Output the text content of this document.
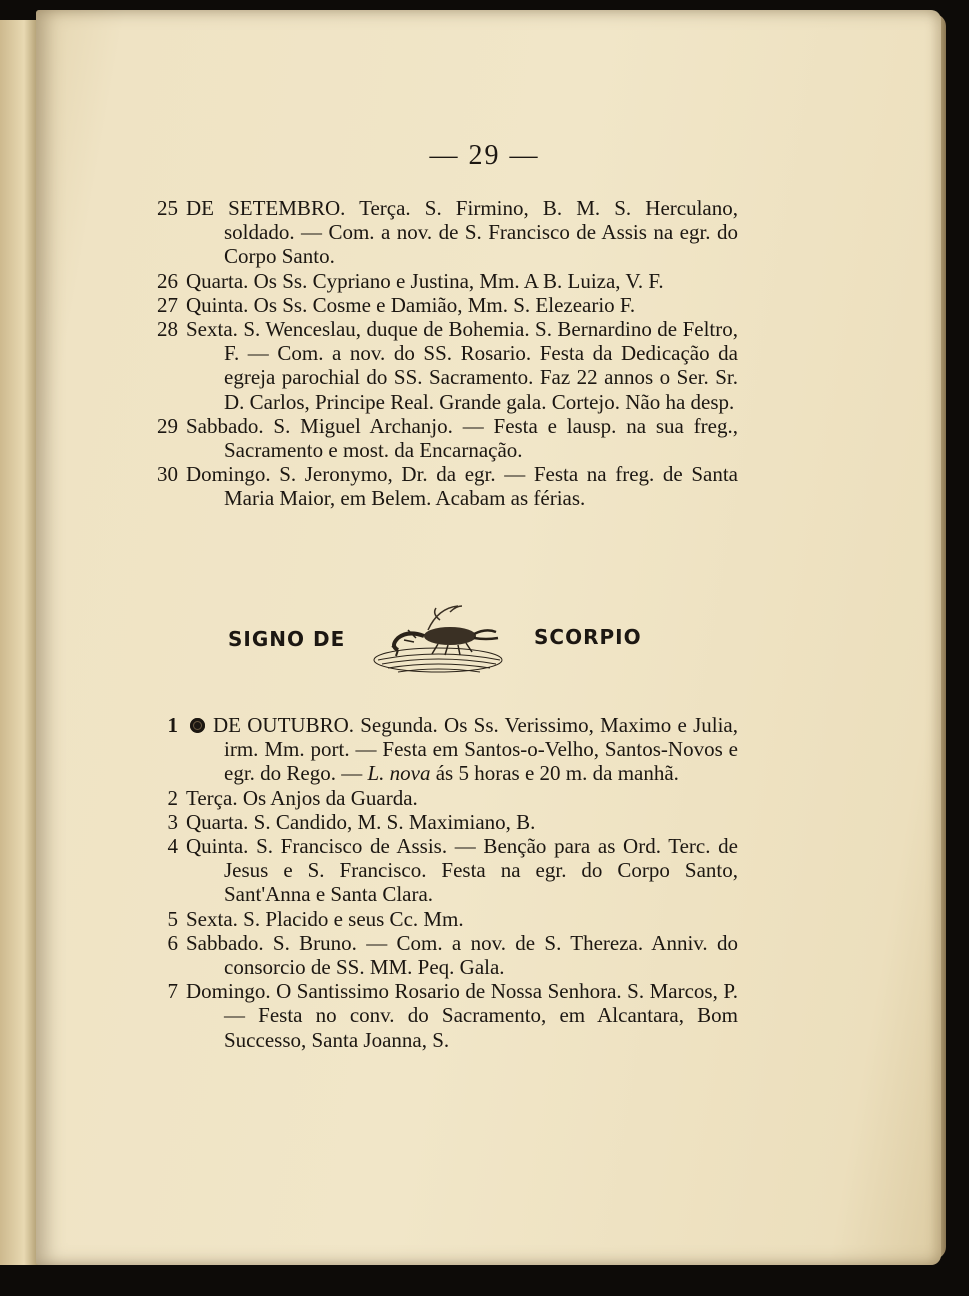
— 29 —
25 DE SETEMBRO. Terça. S. Firmino, B. M. S. Herculano, soldado. — Com. a nov. de S. Francisco de Assis na egr. do Corpo Santo.
26 Quarta. Os Ss. Cypriano e Justina, Mm. A B. Luiza, V. F.
27 Quinta. Os Ss. Cosme e Damião, Mm. S. Elezeario F.
28 Sexta. S. Wenceslau, duque de Bohemia. S. Bernardino de Feltro, F. — Com. a nov. do SS. Rosario. Festa da Dedicação da egreja parochial do SS. Sacramento. Faz 22 annos o Ser. Sr. D. Carlos, Principe Real. Grande gala. Cortejo. Não ha desp.
29 Sabbado. S. Miguel Archanjo. — Festa e lausp. na sua freg., Sacramento e most. da Encarnação.
30 Domingo. S. Jeronymo, Dr. da egr. — Festa na freg. de Santa Maria Maior, em Belem. Acabam as férias.
SIGNO DE	SCORPIO
1 DE OUTUBRO. Segunda. Os Ss. Verissimo, Maximo e Julia, irm. Mm. port. — Festa em Santos-o-Velho, Santos-Novos e egr. do Rego. — L. nova ás 5 horas e 20 m. da manhã.
2 Terça. Os Anjos da Guarda.
3 Quarta. S. Candido, M. S. Maximiano, B.
4 Quinta. S. Francisco de Assis. — Benção para as Ord. Terc. de Jesus e S. Francisco. Festa na egr. do Corpo Santo, Sant'Anna e Santa Clara.
5 Sexta. S. Placido e seus Cc. Mm.
6 Sabbado. S. Bruno. — Com. a nov. de S. Thereza. Anniv. do consorcio de SS. MM. Peq. Gala.
7 Domingo. O Santissimo Rosario de Nossa Senhora. S. Marcos, P. — Festa no conv. do Sacramento, em Alcantara, Bom Successo, Santa Joanna, S.
